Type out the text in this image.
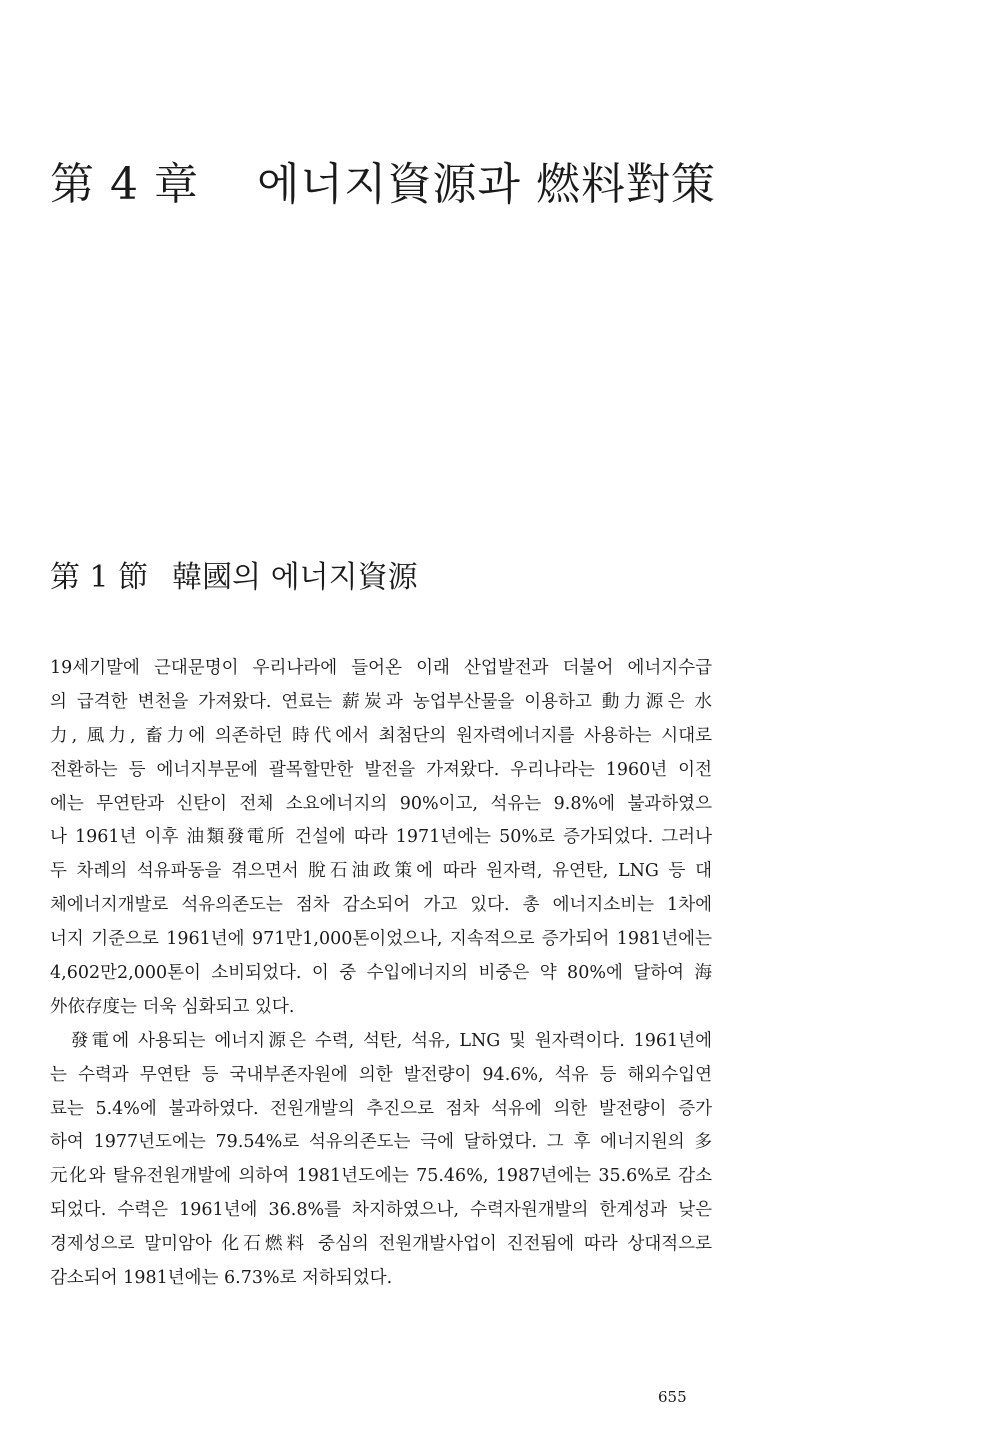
第 4 章 에너지資源과 燃料對策
第 1 節 韓國의 에너지資源
19세기말에 근대문명이 우리나라에 들어온 이래 산업발전과 더불어 에너지수급
의 급격한 변천을 가져왔다. 연료는 薪炭과 농업부산물을 이용하고 動力源은 水
力, 風力, 畜力에 의존하던 時代에서 최첨단의 원자력에너지를 사용하는 시대로
전환하는 등 에너지부문에 괄목할만한 발전을 가져왔다. 우리나라는 1960년 이전
에는 무연탄과 신탄이 전체 소요에너지의 90%이고, 석유는 9.8%에 불과하였으
나 1961년 이후 油類發電所 건설에 따라 1971년에는 50%로 증가되었다. 그러나
두 차례의 석유파동을 겪으면서 脫石油政策에 따라 원자력, 유연탄, LNG 등 대
체에너지개발로 석유의존도는 점차 감소되어 가고 있다. 총 에너지소비는 1차에
너지 기준으로 1961년에 971만1,000톤이었으나, 지속적으로 증가되어 1981년에는
4,602만2,000톤이 소비되었다. 이 중 수입에너지의 비중은 약 80%에 달하여 海
外依存度는 더욱 심화되고 있다.
　發電에 사용되는 에너지源은 수력, 석탄, 석유, LNG 및 원자력이다. 1961년에
는 수력과 무연탄 등 국내부존자원에 의한 발전량이 94.6%, 석유 등 해외수입연
료는 5.4%에 불과하였다. 전원개발의 추진으로 점차 석유에 의한 발전량이 증가
하여 1977년도에는 79.54%로 석유의존도는 극에 달하였다. 그 후 에너지원의 多
元化와 탈유전원개발에 의하여 1981년도에는 75.46%, 1987년에는 35.6%로 감소
되었다. 수력은 1961년에 36.8%를 차지하였으나, 수력자원개발의 한계성과 낮은
경제성으로 말미암아 化石燃料 중심의 전원개발사업이 진전됨에 따라 상대적으로
감소되어 1981년에는 6.73%로 저하되었다.
655
